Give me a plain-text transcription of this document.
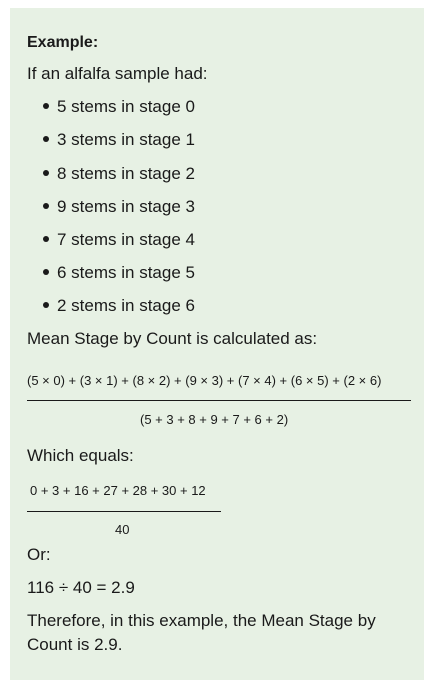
Example:
If an alfalfa sample had:
5 stems in stage 0
3 stems in stage 1
8 stems in stage 2
9 stems in stage 3
7 stems in stage 4
6 stems in stage 5
2 stems in stage 6
Mean Stage by Count is calculated as:
(5 × 0) + (3 × 1) + (8 × 2) + (9 × 3) + (7 × 4) + (6 × 5) + (2 × 6)
(5 + 3 + 8 + 9 + 7 + 6 + 2)
Which equals:
0 + 3 + 16 + 27 + 28 + 30 + 12
40
Or:
116 ÷ 40 = 2.9
Therefore, in this example, the Mean Stage by
Count is 2.9.
